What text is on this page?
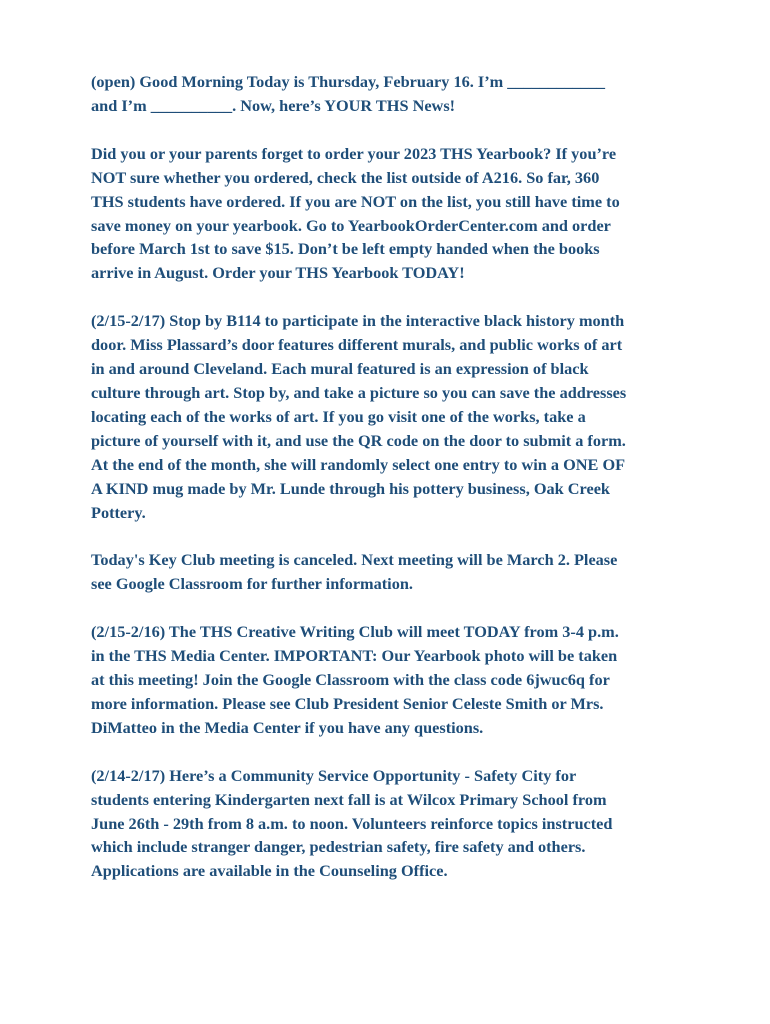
(open) Good Morning Today is Thursday, February 16. I’m ____________
and I’m __________. Now, here’s YOUR THS News!

Did you or your parents forget to order your 2023 THS Yearbook? If you’re
NOT sure whether you ordered, check the list outside of A216. So far, 360
THS students have ordered. If you are NOT on the list, you still have time to
save money on your yearbook. Go to YearbookOrderCenter.com and order
before March 1st to save $15. Don’t be left empty handed when the books
arrive in August. Order your THS Yearbook TODAY!

(2/15-2/17) Stop by B114 to participate in the interactive black history month
door. Miss Plassard’s door features different murals, and public works of art
in and around Cleveland. Each mural featured is an expression of black
culture through art. Stop by, and take a picture so you can save the addresses
locating each of the works of art. If you go visit one of the works, take a
picture of yourself with it, and use the QR code on the door to submit a form.
At the end of the month, she will randomly select one entry to win a ONE OF
A KIND mug made by Mr. Lunde through his pottery business, Oak Creek
Pottery.

Today's Key Club meeting is canceled. Next meeting will be March 2. Please
see Google Classroom for further information.

(2/15-2/16) The THS Creative Writing Club will meet TODAY from 3-4 p.m.
in the THS Media Center. IMPORTANT: Our Yearbook photo will be taken
at this meeting! Join the Google Classroom with the class code 6jwuc6q for
more information. Please see Club President Senior Celeste Smith or Mrs.
DiMatteo in the Media Center if you have any questions.

(2/14-2/17) Here’s a Community Service Opportunity - Safety City for
students entering Kindergarten next fall is at Wilcox Primary School from
June 26th - 29th from 8 a.m. to noon. Volunteers reinforce topics instructed
which include stranger danger, pedestrian safety, fire safety and others.
Applications are available in the Counseling Office.
